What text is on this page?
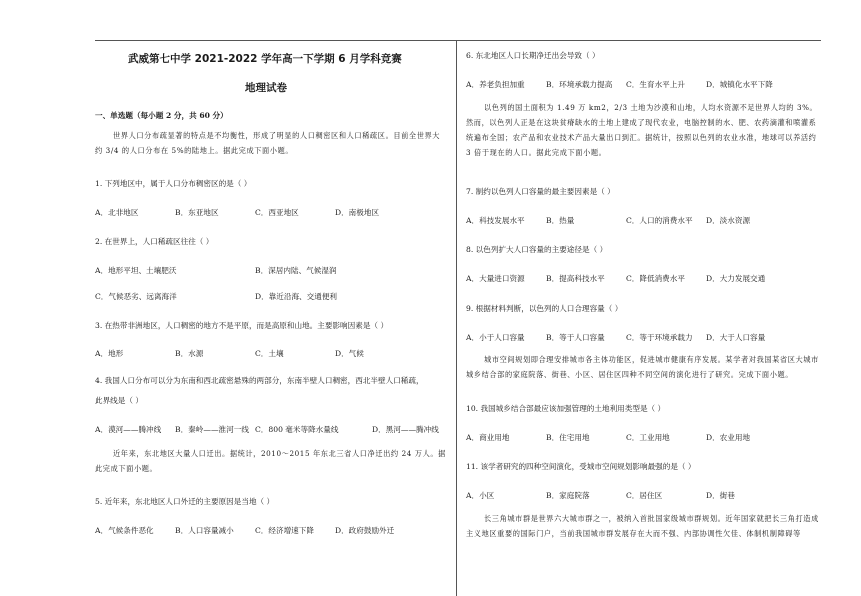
武威第七中学 2021-2022 学年高一下学期 6 月学科竞赛
地理试卷
一、单选题（每小题 2 分，共 60 分）
世界人口分布疏显著的特点是不均衡性，形成了明显的人口稠密区和人口稀疏区。目前全世界大约 3/4 的人口分布在 5%的陆地上。据此完成下面小题。
1. 下列地区中，属于人口分布稠密区的是（ ）
A．北非地区	B．东亚地区	C．西亚地区	D．南极地区
2. 在世界上，人口稀疏区往往（ ）
A．地形平坦、土壤肥沃	B．深居内陆、气候湿润
C．气候恶劣、远离海洋	D．靠近沿海、交通便利
3. 在热带非洲地区，人口稠密的地方不是平原，而是高原和山地。主要影响因素是（ ）
A．地形	B．水源	C．土壤	D．气候
4. 我国人口分布可以分为东南和西北疏密悬殊的两部分，东南半壁人口稠密，西北半壁人口稀疏，
此界线是（ ）
A．漠河——腾冲线 B．秦岭——淮河一线 C．800 毫米等降水量线	D．黑河——腾冲线
近年来，东北地区大量人口迁出。据统计，2010～2015 年东北三省人口净迁出约 24 万人。据此完成下面小题。
5. 近年来，东北地区人口外迁的主要原因是当地（ ）
A．气候条件恶化	B．人口容量减小	C．经济增速下降	D．政府鼓励外迁
6. 东北地区人口长期净迁出会导致（ ）
A．养老负担加重	B．环境承载力提高 C．生育水平上升	D．城镇化水平下降
以色列的国土面积为 1.49 万 km2，2/3 土地为沙漠和山地，人均水资源不足世界人均的 3%。然而，以色列人正是在这块贫瘠缺水的土地上建成了现代农业，电脑控制的水、肥、农药滴灌和喷灌系统遍布全国；农产品和农业技术产品大量出口到汇。据统计，按照以色列的农业水准，地球可以养活约 3 倍于现在的人口。据此完成下面小题。
7. 制约以色列人口容量的最主要因素是（ ）
A．科技发展水平	B．热量	C．人口的消费水平 D．淡水资源
8. 以色列扩大人口容量的主要途径是（ ）
A．大量进口资源	B．提高科技水平	C．降低消费水平	D．大力发展交通
9. 根据材料判断，以色列的人口合理容量（ ）
A．小于人口容量	B．等于人口容量	C．等于环境承载力 D．大于人口容量
城市空间规划即合理安排城市各主体功能区，促进城市健康有序发展。某学者对我国某省区大城市城乡结合部的家庭院落、街巷、小区、居住区四种不同空间的演化进行了研究。完成下面小题。
10. 我国城乡结合部最应该加强管理的土地利用类型是（ ）
A．商业用地	B．住宅用地	C．工业用地	D．农业用地
11. 该学者研究的四种空间演化，受城市空间规划影响最强的是（ ）
A．小区	B．家庭院落	C．居住区	D．街巷
长三角城市群是世界六大城市群之一，被纳入首批国家级城市群规划。近年国家就把长三角打造成主义地区重要的国际门户，当前我国城市群发展存在大而不强、内部协调性欠佳、体制机制障碍等
